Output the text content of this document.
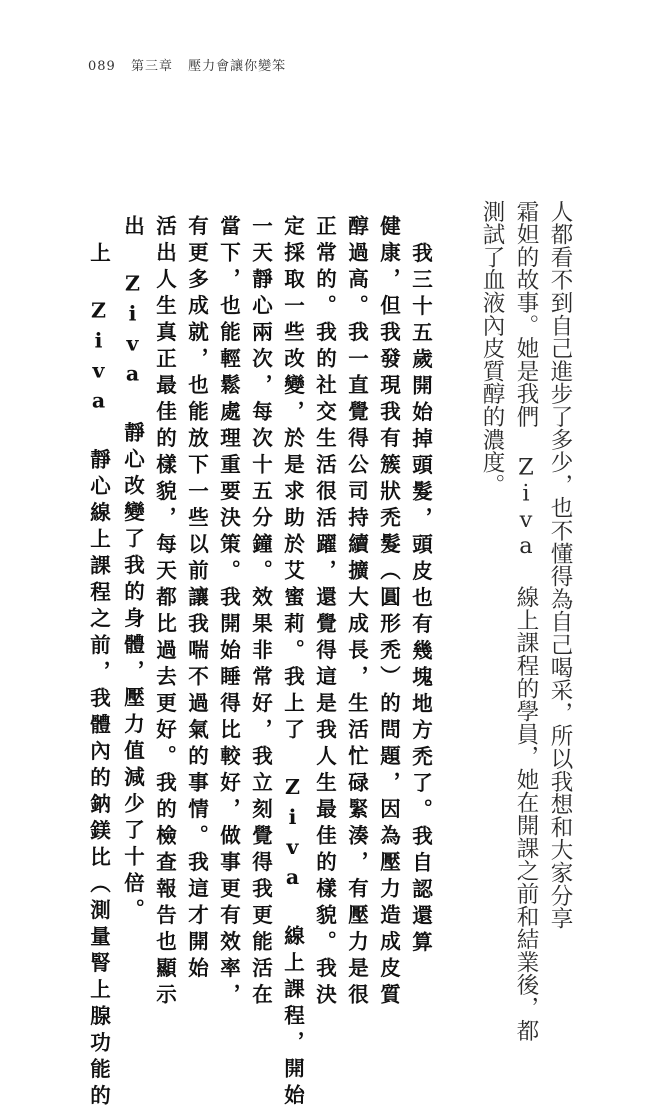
089 第三章 壓力會讓你變笨
人都看不到自己進步了多少，也不懂得為自己喝采，所以我想和大家分享
霜妲的故事。她是我們 Ziva 線上課程的學員，她在開課之前和結業後，都
測試了血液內皮質醇的濃度。
我三十五歲開始掉頭髮，頭皮也有幾塊地方禿了。我自認還算
健康，但我發現我有簇狀禿髮（圓形禿）的問題，因為壓力造成皮質
醇過高。我一直覺得公司持續擴大成長，生活忙碌緊湊，有壓力是很
正常的。我的社交生活很活躍，還覺得這是我人生最佳的樣貌。我決
定採取一些改變，於是求助於艾蜜莉。我上了 Ziva 線上課程，開始
一天靜心兩次，每次十五分鐘。效果非常好，我立刻覺得我更能活在
當下，也能輕鬆處理重要決策。我開始睡得比較好，做事更有效率，
有更多成就，也能放下一些以前讓我喘不過氣的事情。我這才開始
活出人生真正最佳的樣貌，每天都比過去更好。我的檢查報告也顯示
出 Ziva 靜心改變了我的身體，壓力值減少了十倍。
上 Ziva 靜心線上課程之前，我體內的鈉鎂比（測量腎上腺功能的
